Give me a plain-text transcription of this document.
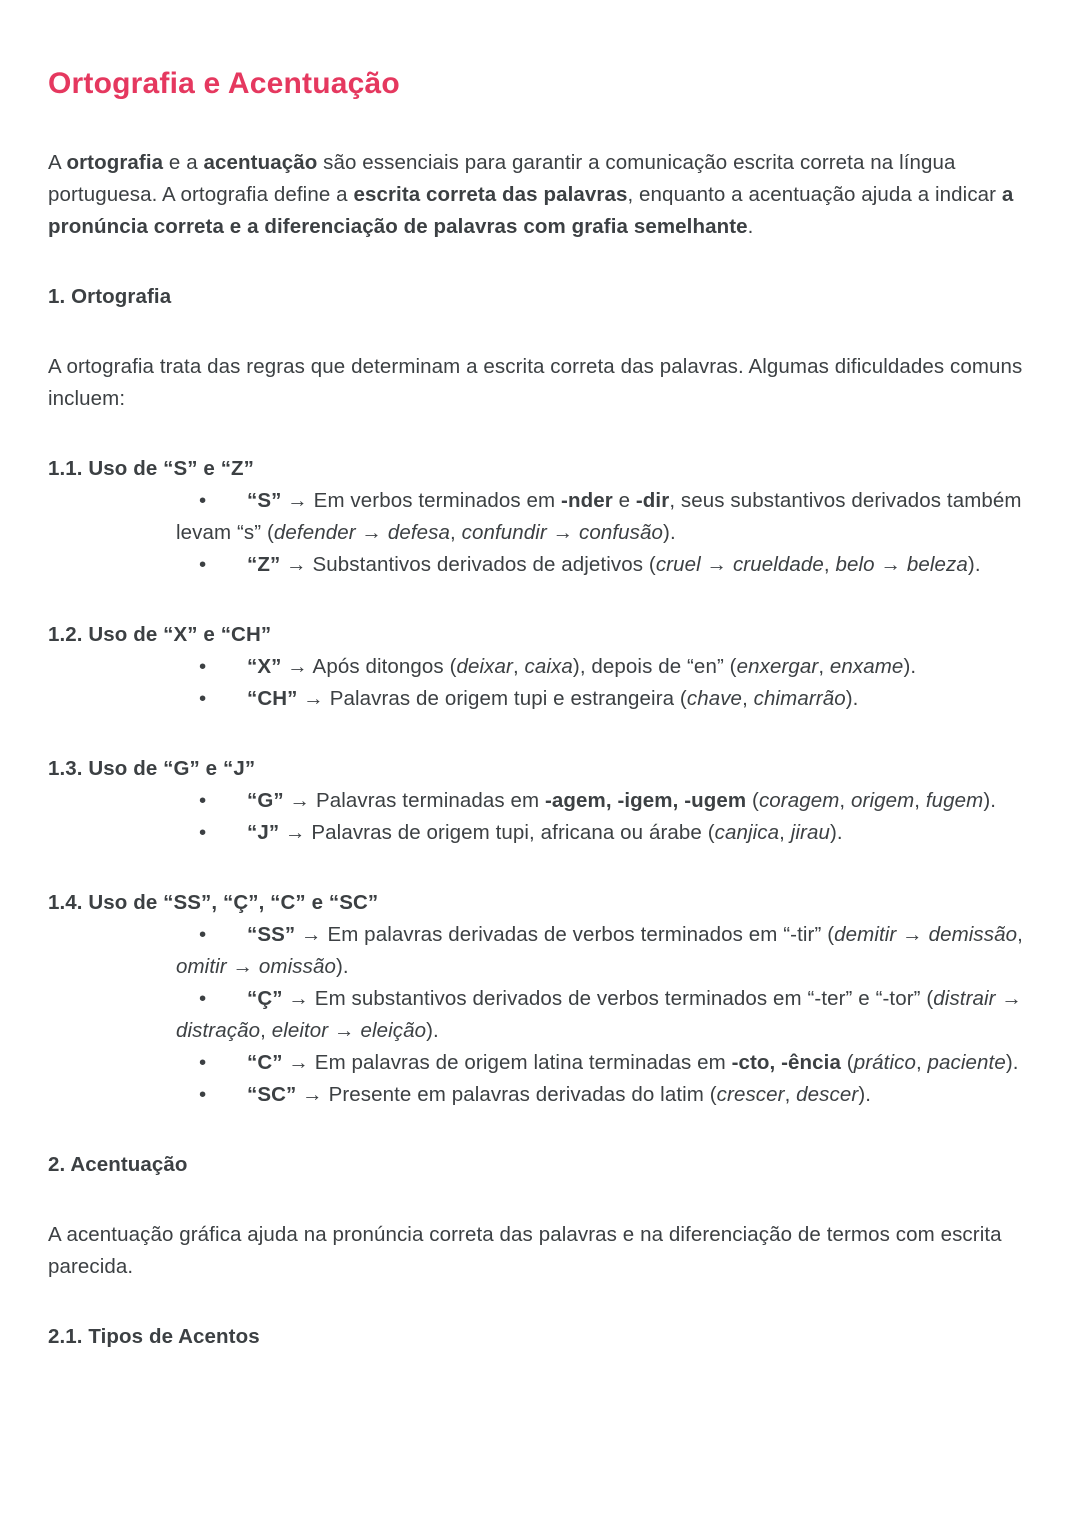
Ortografia e Acentuação

A ortografia e a acentuação são essenciais para garantir a comunicação escrita correta na língua portuguesa. A ortografia define a escrita correta das palavras, enquanto a acentuação ajuda a indicar a pronúncia correta e a diferenciação de palavras com grafia semelhante.

1. Ortografia

A ortografia trata das regras que determinam a escrita correta das palavras. Algumas dificuldades comuns incluem:

1.1. Uso de “S” e “Z”
• “S” → Em verbos terminados em -nder e -dir, seus substantivos derivados também levam “s” (defender → defesa, confundir → confusão).
• “Z” → Substantivos derivados de adjetivos (cruel → crueldade, belo → beleza).
1.2. Uso de “X” e “CH”
• “X” → Após ditongos (deixar, caixa), depois de “en” (enxergar, enxame).
• “CH” → Palavras de origem tupi e estrangeira (chave, chimarrão).
1.3. Uso de “G” e “J”
• “G” → Palavras terminadas em -agem, -igem, -ugem (coragem, origem, fugem).
• “J” → Palavras de origem tupi, africana ou árabe (canjica, jirau).
1.4. Uso de “SS”, “Ç”, “C” e “SC”
• “SS” → Em palavras derivadas de verbos terminados em “-tir” (demitir → demissão, omitir → omissão).
• “Ç” → Em substantivos derivados de verbos terminados em “-ter” e “-tor” (distrair → distração, eleitor → eleição).
• “C” → Em palavras de origem latina terminadas em -cto, -ência (prático, paciente).
• “SC” → Presente em palavras derivadas do latim (crescer, descer).
2. Acentuação

A acentuação gráfica ajuda na pronúncia correta das palavras e na diferenciação de termos com escrita parecida.

2.1. Tipos de Acentos
